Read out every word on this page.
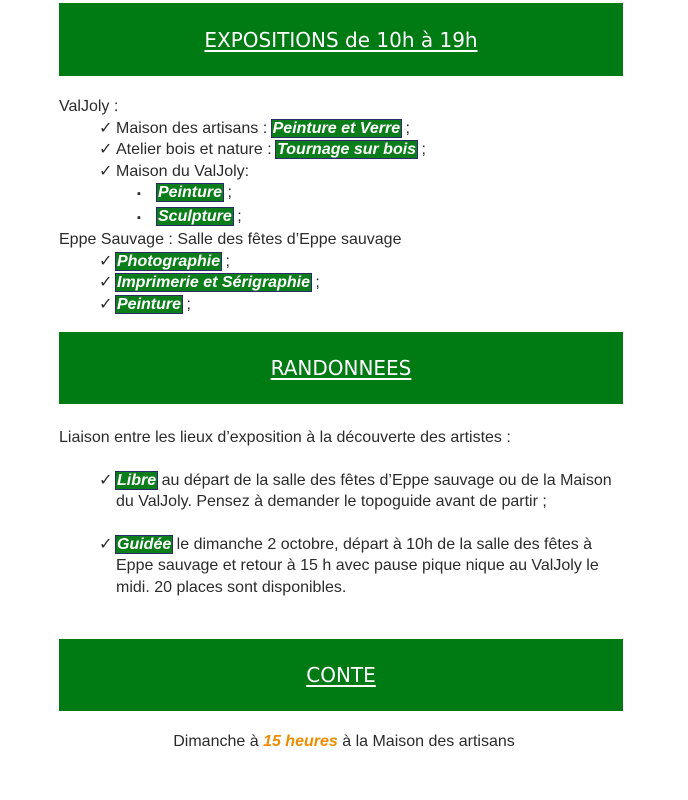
EXPOSITIONS de 10h à 19h
ValJoly :
✓ Maison des artisans : Peinture et Verre ;
✓ Atelier bois et nature : Tournage sur bois ;
✓ Maison du ValJoly:
▪ Peinture ;
▪ Sculpture ;
Eppe Sauvage : Salle des fêtes d’Eppe sauvage
✓ Photographie ;
✓ Imprimerie et Sérigraphie ;
✓ Peinture ;
RANDONNEES
Liaison entre les lieux d’exposition à la découverte des artistes :
✓ Libre au départ de la salle des fêtes d’Eppe sauvage ou de la Maison du ValJoly. Pensez à demander le topoguide avant de partir ;
✓ Guidée le dimanche 2 octobre, départ à 10h de la salle des fêtes à Eppe sauvage et retour à 15 h avec pause pique nique au ValJoly le midi. 20 places sont disponibles.
CONTE
Dimanche à 15 heures à la Maison des artisans
